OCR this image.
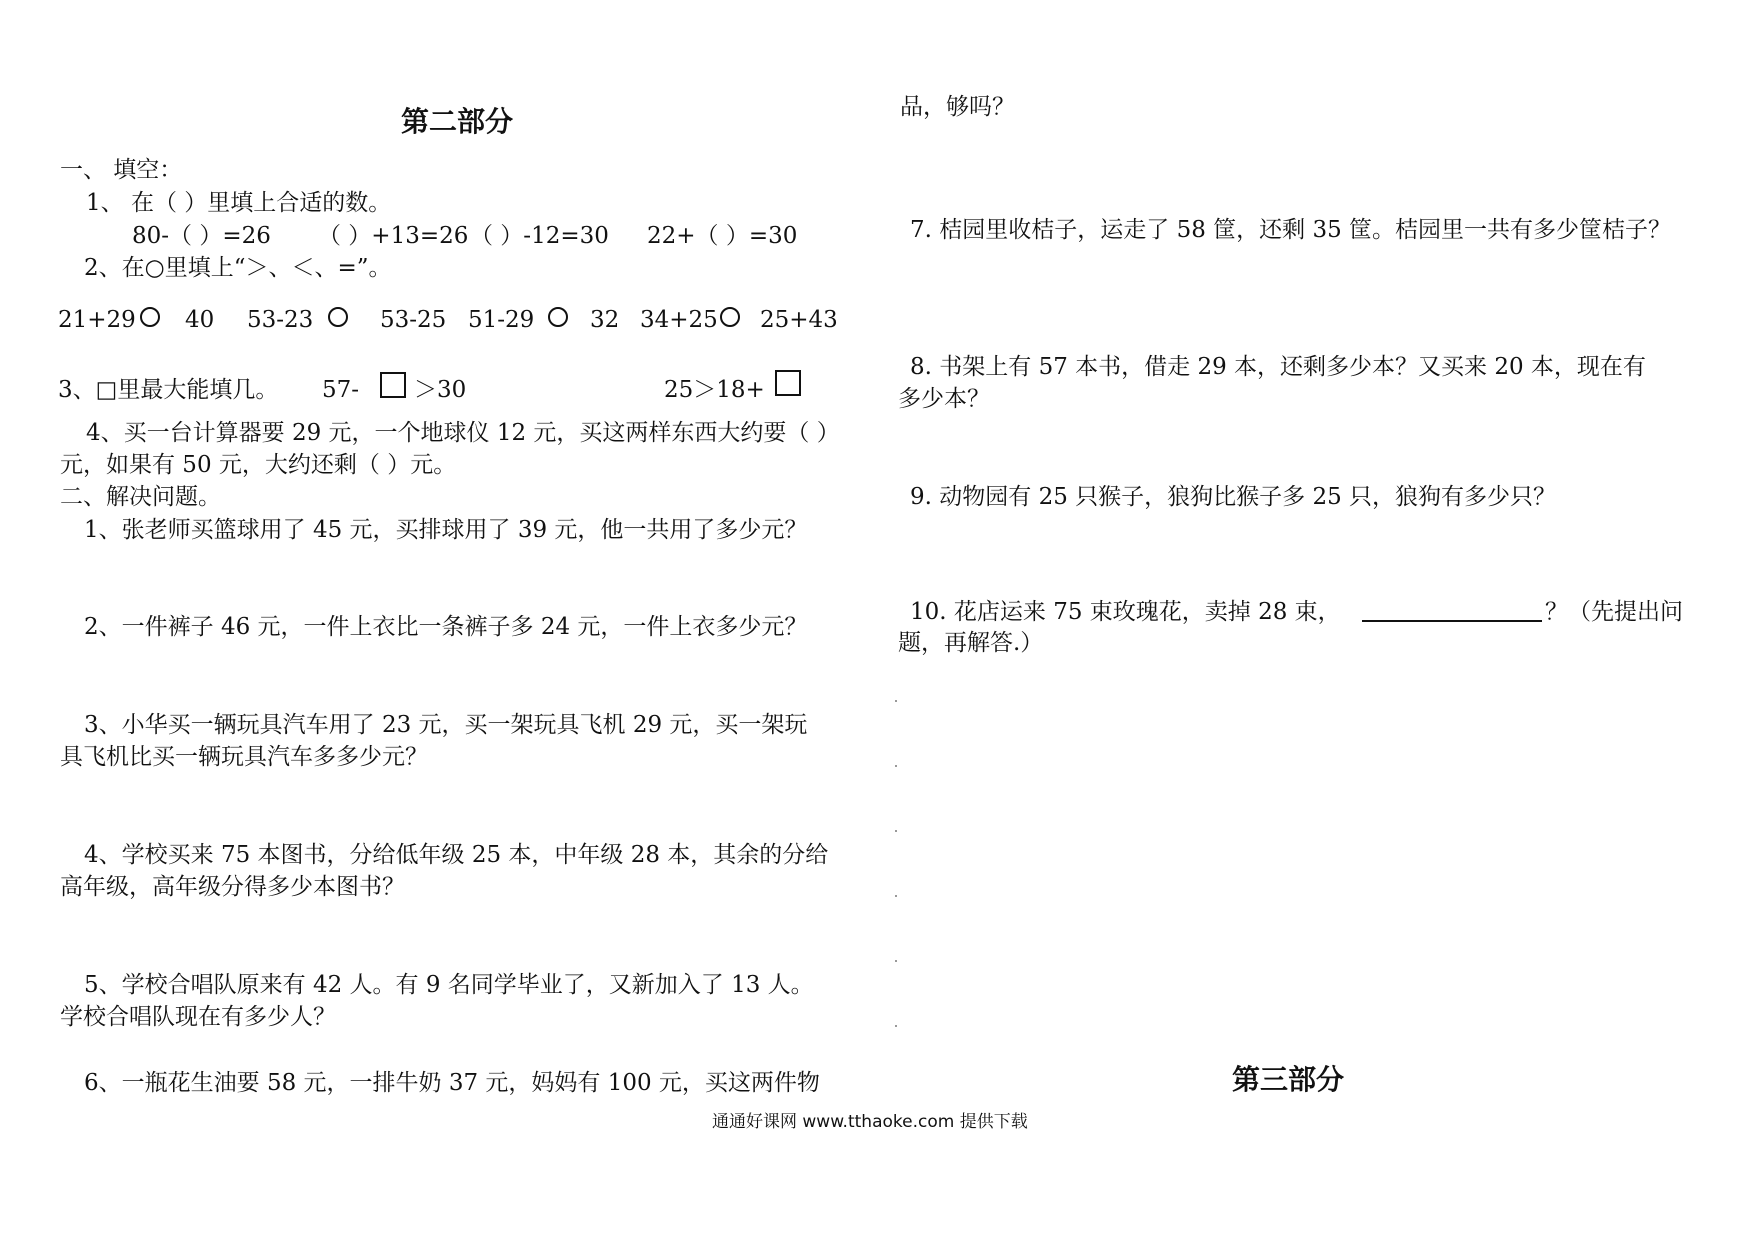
第二部分
一、 填空：
1、 在（ ）里填上合适的数。
80-（ ）=26 （ ）+13=26 （ ）-12=30 22+（ ）=30
2、在○里填上“＞、＜、=”。
21+29 40 53-23	53-25 51-29 32 34+25 25+43
3、□里最大能填几。 57- ＞30	25＞18+
4、买一台计算器要 29 元，一个地球仪 12 元，买这两样东西大约要（ ）
元，如果有 50 元，大约还剩（ ）元。
二、解决问题。
1、张老师买篮球用了 45 元，买排球用了 39 元，他一共用了多少元？
2、一件裤子 46 元，一件上衣比一条裤子多 24 元，一件上衣多少元？
3、小华买一辆玩具汽车用了 23 元，买一架玩具飞机 29 元，买一架玩
具飞机比买一辆玩具汽车多多少元？
4、学校买来 75 本图书，分给低年级 25 本，中年级 28 本，其余的分给
高年级，高年级分得多少本图书？
5、学校合唱队原来有 42 人。有 9 名同学毕业了，又新加入了 13 人。
学校合唱队现在有多少人？
6、一瓶花生油要 58 元，一排牛奶 37 元，妈妈有 100 元，买这两件物
品，够吗？
7. 桔园里收桔子，运走了 58 筐，还剩 35 筐。桔园里一共有多少筐桔子？
8. 书架上有 57 本书，借走 29 本，还剩多少本？又买来 20 本，现在有
多少本？
9. 动物园有 25 只猴子，狼狗比猴子多 25 只，狼狗有多少只？
10. 花店运来 75 束玫瑰花，卖掉 28 束，	？（先提出问
题，再解答.）
第三部分
通通好课网 www.tthaoke.com 提供下载
